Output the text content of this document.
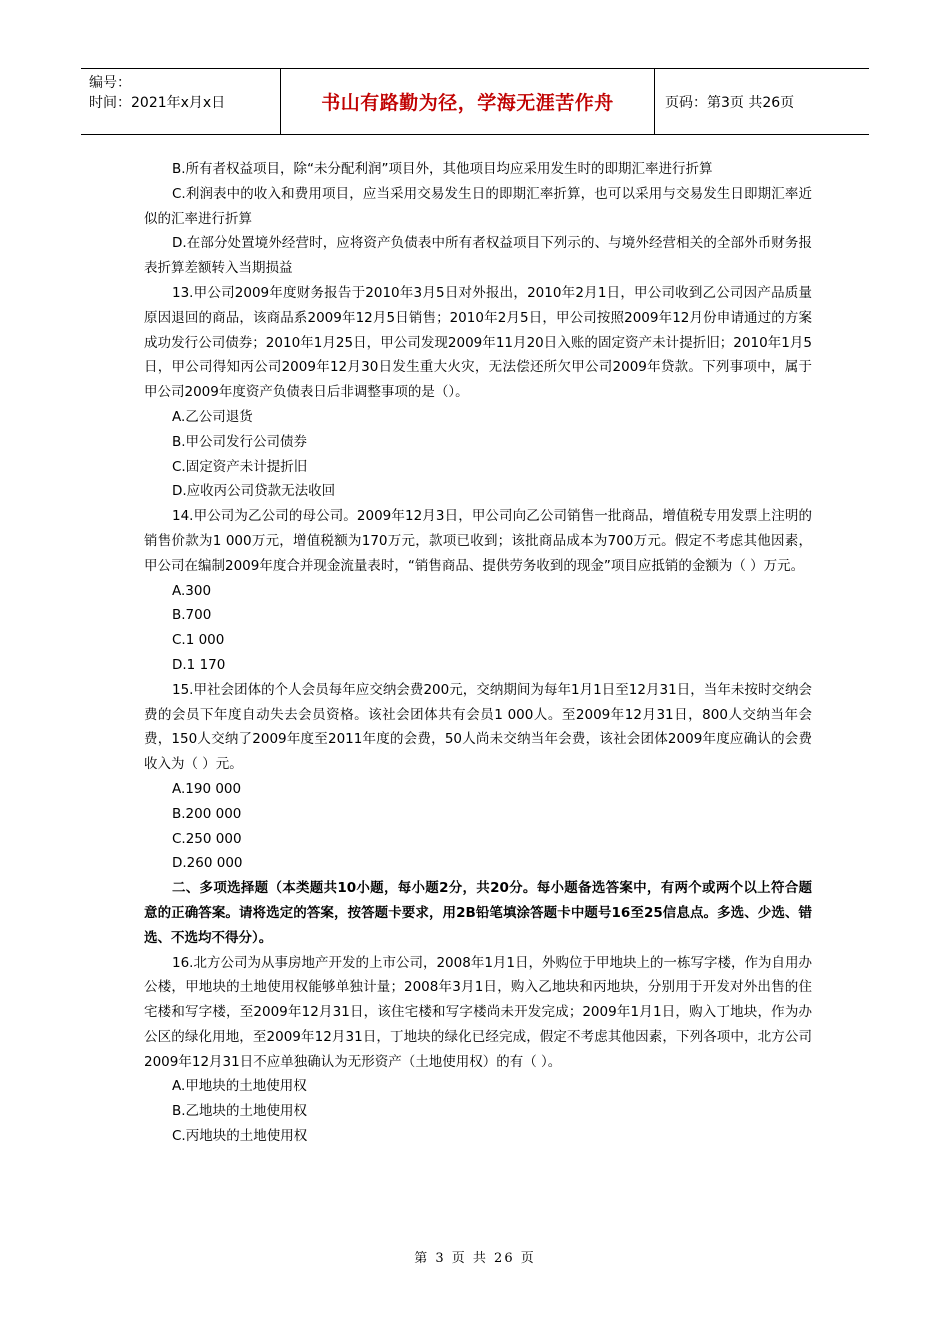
编号：
时间：2021年x月x日	书山有路勤为径，学海无涯苦作舟	页码：第3页 共26页

B.所有者权益项目，除“未分配利润”项目外，其他项目均应采用发生时的即期汇率进行折算

C.利润表中的收入和费用项目，应当采用交易发生日的即期汇率折算，也可以采用与交易发生日即期汇率近似的汇率进行折算

D.在部分处置境外经营时，应将资产负债表中所有者权益项目下列示的、与境外经营相关的全部外币财务报表折算差额转入当期损益

13.甲公司2009年度财务报告于2010年3月5日对外报出，2010年2月1日，甲公司收到乙公司因产品质量原因退回的商品，该商品系2009年12月5日销售；2010年2月5日，甲公司按照2009年12月份申请通过的方案成功发行公司债券；2010年1月25日，甲公司发现2009年11月20日入账的固定资产未计提折旧；2010年1月5日，甲公司得知丙公司2009年12月30日发生重大火灾，无法偿还所欠甲公司2009年贷款。下列事项中，属于甲公司2009年度资产负债表日后非调整事项的是（）。

A.乙公司退货

B.甲公司发行公司债券

C.固定资产未计提折旧

D.应收丙公司贷款无法收回

14.甲公司为乙公司的母公司。2009年12月3日，甲公司向乙公司销售一批商品，增值税专用发票上注明的销售价款为1 000万元，增值税额为170万元，款项已收到；该批商品成本为700万元。假定不考虑其他因素，甲公司在编制2009年度合并现金流量表时，“销售商品、提供劳务收到的现金”项目应抵销的金额为（ ）万元。

A.300

B.700

C.1 000

D.1 170

15.甲社会团体的个人会员每年应交纳会费200元，交纳期间为每年1月1日至12月31日，当年未按时交纳会费的会员下年度自动失去会员资格。该社会团体共有会员1 000人。至2009年12月31日，800人交纳当年会费，150人交纳了2009年度至2011年度的会费，50人尚未交纳当年会费，该社会团体2009年度应确认的会费收入为（ ）元。

A.190 000

B.200 000

C.250 000

D.260 000

二、多项选择题（本类题共10小题，每小题2分，共20分。每小题备选答案中，有两个或两个以上符合题意的正确答案。请将选定的答案，按答题卡要求，用2B铅笔填涂答题卡中题号16至25信息点。多选、少选、错选、不选均不得分）。

16.北方公司为从事房地产开发的上市公司，2008年1月1日，外购位于甲地块上的一栋写字楼，作为自用办公楼，甲地块的土地使用权能够单独计量；2008年3月1日，购入乙地块和丙地块，分别用于开发对外出售的住宅楼和写字楼，至2009年12月31日，该住宅楼和写字楼尚未开发完成；2009年1月1日，购入丁地块，作为办公区的绿化用地，至2009年12月31日，丁地块的绿化已经完成，假定不考虑其他因素，下列各项中，北方公司2009年12月31日不应单独确认为无形资产（土地使用权）的有（ ）。

A.甲地块的土地使用权

B.乙地块的土地使用权

C.丙地块的土地使用权

第 3 页 共 26 页
